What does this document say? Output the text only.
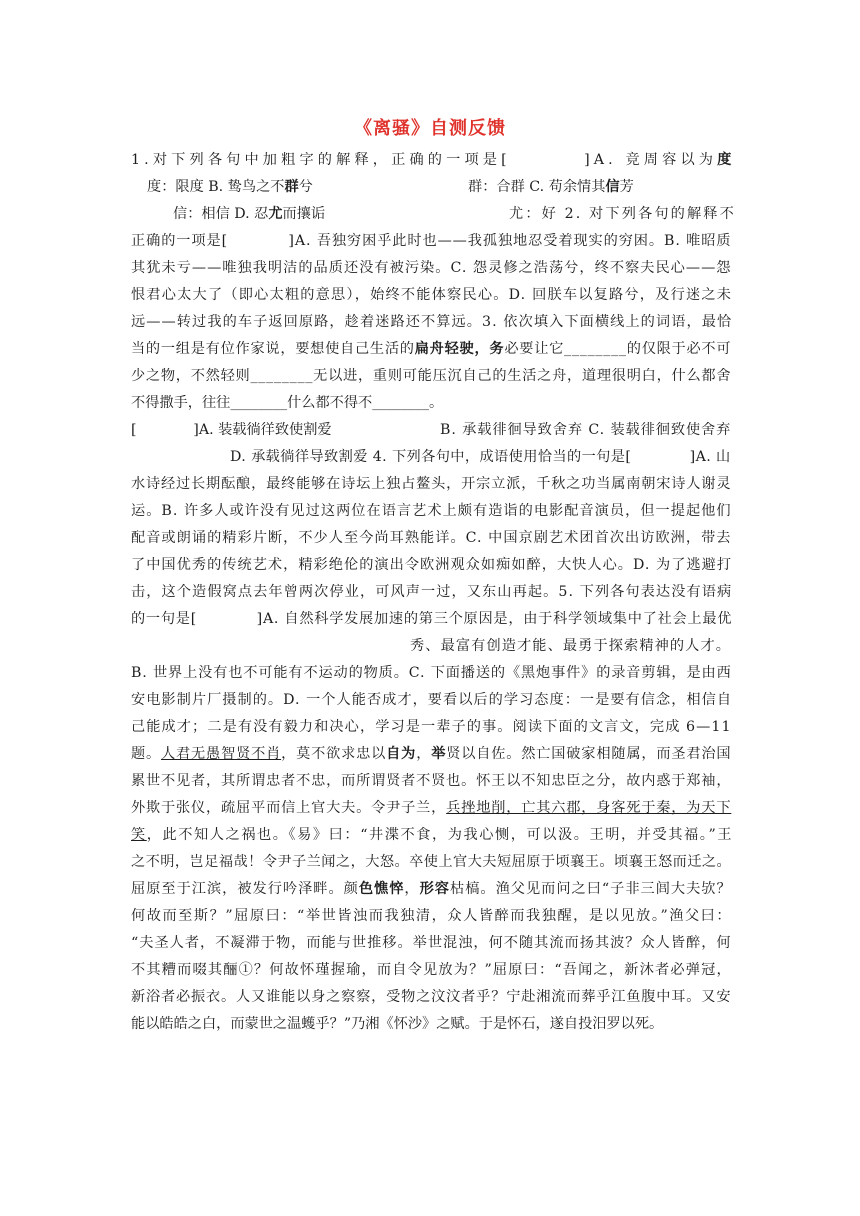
《离骚》自测反馈
1.对下列各句中加粗字的解释，正确的一项是[　　　　]A. 竞周容以为度
度：限度 B. 鸷鸟之不群兮	群：合群 C. 苟余情其信芳
信：相信 D. 忍尤而攘诟	尤：好 2. 对下列各句的解释不
正确的一项是[　　　　]A. 吾独穷困乎此时也——我孤独地忍受着现实的穷困。B. 唯昭质
其犹未亏——唯独我明洁的品质还没有被污染。C. 怨灵修之浩荡兮，终不察夫民心——怨
恨君心太大了（即心太粗的意思），始终不能体察民心。D. 回朕车以复路兮，及行迷之未
远——转过我的车子返回原路，趁着迷路还不算远。3. 依次填入下面横线上的词语，最恰
当的一组是有位作家说，要想使自己生活的扁舟轻驶，务必要让它________的仅限于必不可
少之物，不然轻则________无以进，重则可能压沉自己的生活之舟，道理很明白，什么都舍
不得撒手，往往________什么都不得不________。
[　　　　]A. 装载徜徉致使割爱	B. 承载徘徊导致舍弃 C. 装载徘徊致使舍弃
D. 承载徜徉导致割爱 4. 下列各句中，成语使用恰当的一句是[　　　　]A. 山
水诗经过长期酝酿，最终能够在诗坛上独占鳌头，开宗立派，千秋之功当属南朝宋诗人谢灵
运。B. 许多人或许没有见过这两位在语言艺术上颇有造诣的电影配音演员，但一提起他们
配音或朗诵的精彩片断，不少人至今尚耳熟能详。C. 中国京剧艺术团首次出访欧洲，带去
了中国优秀的传统艺术，精彩绝伦的演出令欧洲观众如痴如醉，大快人心。D. 为了逃避打
击，这个造假窝点去年曾两次停业，可风声一过，又东山再起。5. 下列各句表达没有语病
的一句是[　　　　]A. 自然科学发展加速的第三个原因是，由于科学领域集中了社会上最优
秀、最富有创造才能、最勇于探索精神的人才。
B. 世界上没有也不可能有不运动的物质。C. 下面播送的《黑炮事件》的录音剪辑，是由西
安电影制片厂摄制的。D. 一个人能否成才，要看以后的学习态度：一是要有信念，相信自
己能成才；二是有没有毅力和决心，学习是一辈子的事。阅读下面的文言文，完成 6—11
题。人君无愚智贤不肖，莫不欲求忠以自为，举贤以自佐。然亡国破家相随属，而圣君治国
累世不见者，其所谓忠者不忠，而所谓贤者不贤也。怀王以不知忠臣之分，故内惑于郑袖，
外欺于张仪，疏屈平而信上官大夫。令尹子兰，兵挫地削，亡其六郡，身客死于秦，为天下
笑，此不知人之祸也。《易》曰：“井渫不食，为我心恻，可以汲。王明，并受其福。”王
之不明，岂足福哉！令尹子兰闻之，大怒。卒使上官大夫短屈原于顷襄王。顷襄王怒而迁之。
屈原至于江滨，被发行吟泽畔。颜色憔悴，形容枯槁。渔父见而问之曰“子非三闾大夫欤？
何故而至斯？”屈原曰：“举世皆浊而我独清，众人皆醉而我独醒，是以见放。”渔父曰：
“夫圣人者，不凝滞于物，而能与世推移。举世混浊，何不随其流而扬其波？众人皆醉，何
不其糟而啜其酾①？何故怀瑾握瑜，而自令见放为？”屈原曰：“吾闻之，新沐者必弹冠，
新浴者必振衣。人又谁能以身之察察，受物之汶汶者乎？宁赴湘流而葬乎江鱼腹中耳。又安
能以皓皓之白，而蒙世之温蠖乎？”乃湘《怀沙》之赋。于是怀石，遂自投汨罗以死。
